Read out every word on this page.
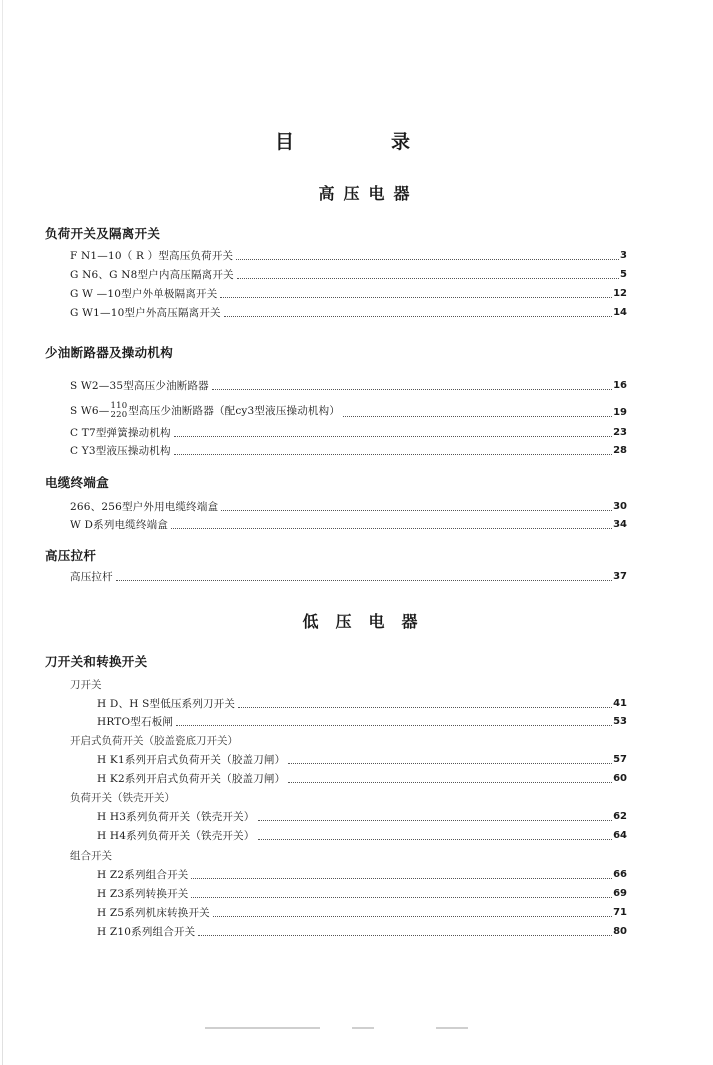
目	录
高压电器
负荷开关及隔离开关
F N1—10（ R ）型高压负荷开关	3
G N6、G N8型户内高压隔离开关	5
G W —10型户外单极隔离开关	12
G W1—10型户外高压隔离开关	14
少油断路器及操动机构
S W2—35型高压少油断路器	16
S W6— 110
220 型高压少油断路器（配cy3型液压操动机构）	19
C T7型弹簧操动机构	23
C Y3型液压操动机构	28
电缆终端盒
266、256型户外用电缆终端盒	30
W D系列电缆终端盒	34
高压拉杆
高压拉杆	37
低压电器
刀开关和转换开关
刀开关
H D、H S型低压系列刀开关	41
HRTO型石板闸	53
开启式负荷开关（胶盖瓷底刀开关）
H K1系列开启式负荷开关（胶盖刀闸）	57
H K2系列开启式负荷开关（胶盖刀闸）	60
负荷开关（铁壳开关）
H H3系列负荷开关（铁壳开关）	62
H H4系列负荷开关（铁壳开关）	64
组合开关
H Z2系列组合开关	66
H Z3系列转换开关	69
H Z5系列机床转换开关	71
H Z10系列组合开关	80
